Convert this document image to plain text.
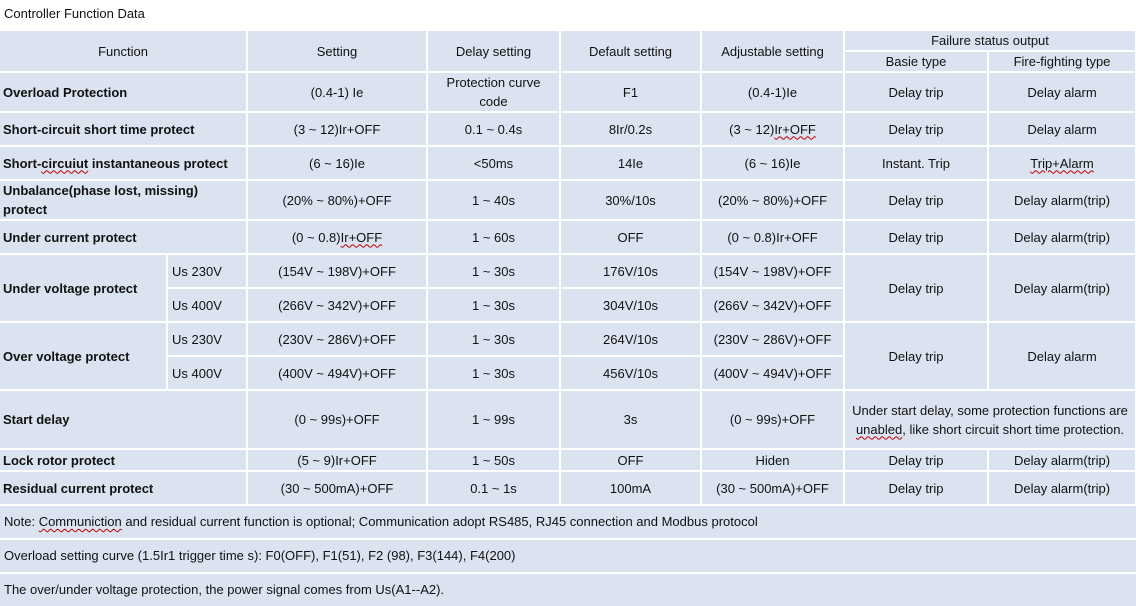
Controller Function Data
Function		Setting	Delay setting	Default setting	Adjustable setting	Failure status output	
						Basie type	Fire-fighting type
Overload Protection		(0.4-1) Ie	Protection curve code	F1	(0.4-1)Ie	Delay trip	Delay alarm
Short-circuit short time protect		(3 ~ 12)Ir+OFF	0.1 ~ 0.4s	8Ir/0.2s	(3 ~ 12)Ir+OFF	Delay trip	Delay alarm
Short-circuiut instantaneous protect		(6 ~ 16)Ie	<50ms	14Ie	(6 ~ 16)Ie	Instant. Trip	Trip+Alarm
Unbalance(phase lost, missing) protect		(20% ~ 80%)+OFF	1 ~ 40s	30%/10s	(20% ~ 80%)+OFF	Delay trip	Delay alarm(trip)
Under current protect		(0 ~ 0.8)Ir+OFF	1 ~ 60s	OFF	(0 ~ 0.8)Ir+OFF	Delay trip	Delay alarm(trip)
Under voltage protect	Us 230V	(154V ~ 198V)+OFF	1 ~ 30s	176V/10s	(154V ~ 198V)+OFF	Delay trip	Delay alarm(trip)
	Us 400V	(266V ~ 342V)+OFF	1 ~ 30s	304V/10s	(266V ~ 342V)+OFF		
Over voltage protect	Us 230V	(230V ~ 286V)+OFF	1 ~ 30s	264V/10s	(230V ~ 286V)+OFF	Delay trip	Delay alarm
	Us 400V	(400V ~ 494V)+OFF	1 ~ 30s	456V/10s	(400V ~ 494V)+OFF		
Start delay		(0 ~ 99s)+OFF	1 ~ 99s	3s	(0 ~ 99s)+OFF	Under start delay, some protection functions are unabled, like short circuit short time protection.	
Lock rotor protect		(5 ~ 9)Ir+OFF	1 ~ 50s	OFF	Hiden	Delay trip	Delay alarm(trip)
Residual current protect		(30 ~ 500mA)+OFF	0.1 ~ 1s	100mA	(30 ~ 500mA)+OFF	Delay trip	Delay alarm(trip)
Note: Communiction and residual current function is optional; Communication adopt RS485, RJ45 connection and Modbus protocol
Overload setting curve (1.5Ir1 trigger time s): F0(OFF), F1(51), F2 (98), F3(144), F4(200)
The over/under voltage protection, the power signal comes from Us(A1--A2).
